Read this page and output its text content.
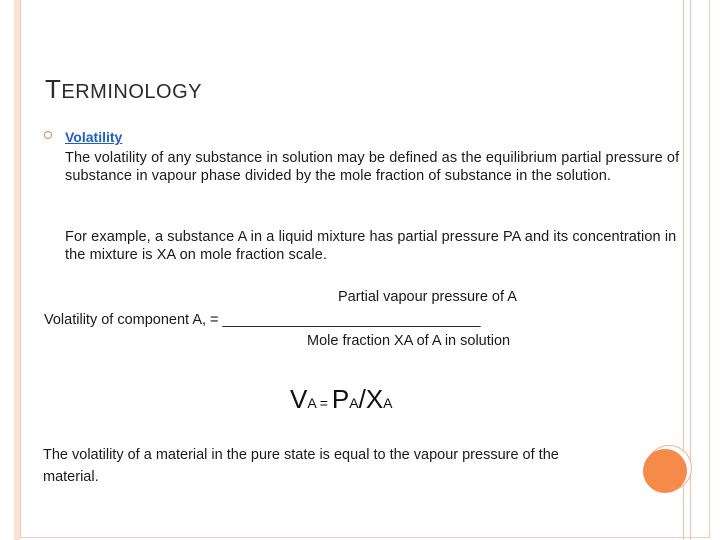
TERMINOLOGY
Volatility
The volatility of any substance in solution may be defined as the equilibrium partial pressure of substance in vapour phase divided by the mole fraction of substance in the solution.
For example, a substance A in a liquid mixture has partial pressure PA and its concentration in the mixture is XA on mole fraction scale.
Partial vapour pressure of A
Volatility of component A, = ________________________________
Mole fraction XA of A in solution
VA = PA/XA
The volatility of a material in the pure state is equal to the vapour pressure of the material.
